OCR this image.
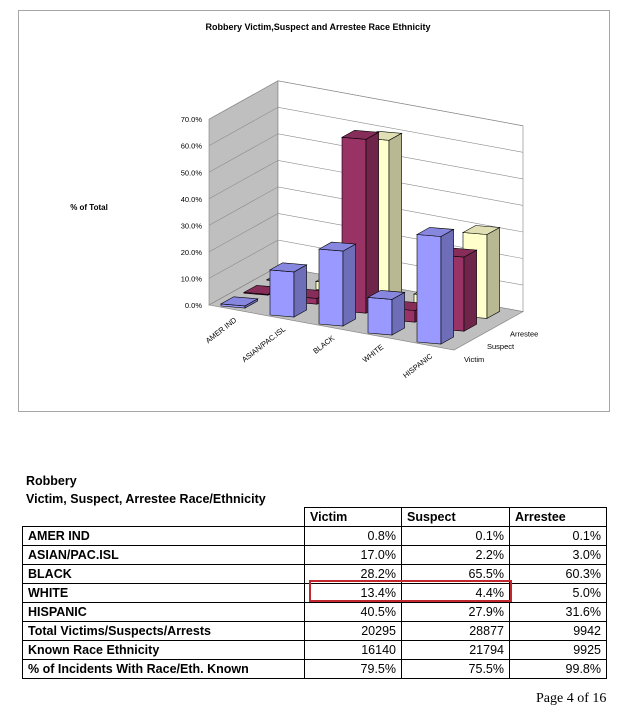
0.0%
10.0%
20.0%
30.0%
40.0%
50.0%
60.0%
70.0%
AMER IND ASIAN/PAC.ISL	BLACK	WHITE HISPANIC	Victim
Suspect
Arrestee
Robbery Victim,Suspect and Arrestee Race Ethnicity
% of Total
Robbery
Victim, Suspect, Arrestee Race/Ethnicity
	Victim	Suspect	Arrestee
AMER IND	0.8%	0.1%	0.1%
ASIAN/PAC.ISL	17.0%	2.2%	3.0%
BLACK	28.2%	65.5%	60.3%
WHITE	13.4%	4.4%	5.0%
HISPANIC	40.5%	27.9%	31.6%
Total Victims/Suspects/Arrests	20295	28877	9942
Known Race Ethnicity	16140	21794	9925
% of Incidents With Race/Eth. Known	79.5%	75.5%	99.8%
Page 4 of 16
